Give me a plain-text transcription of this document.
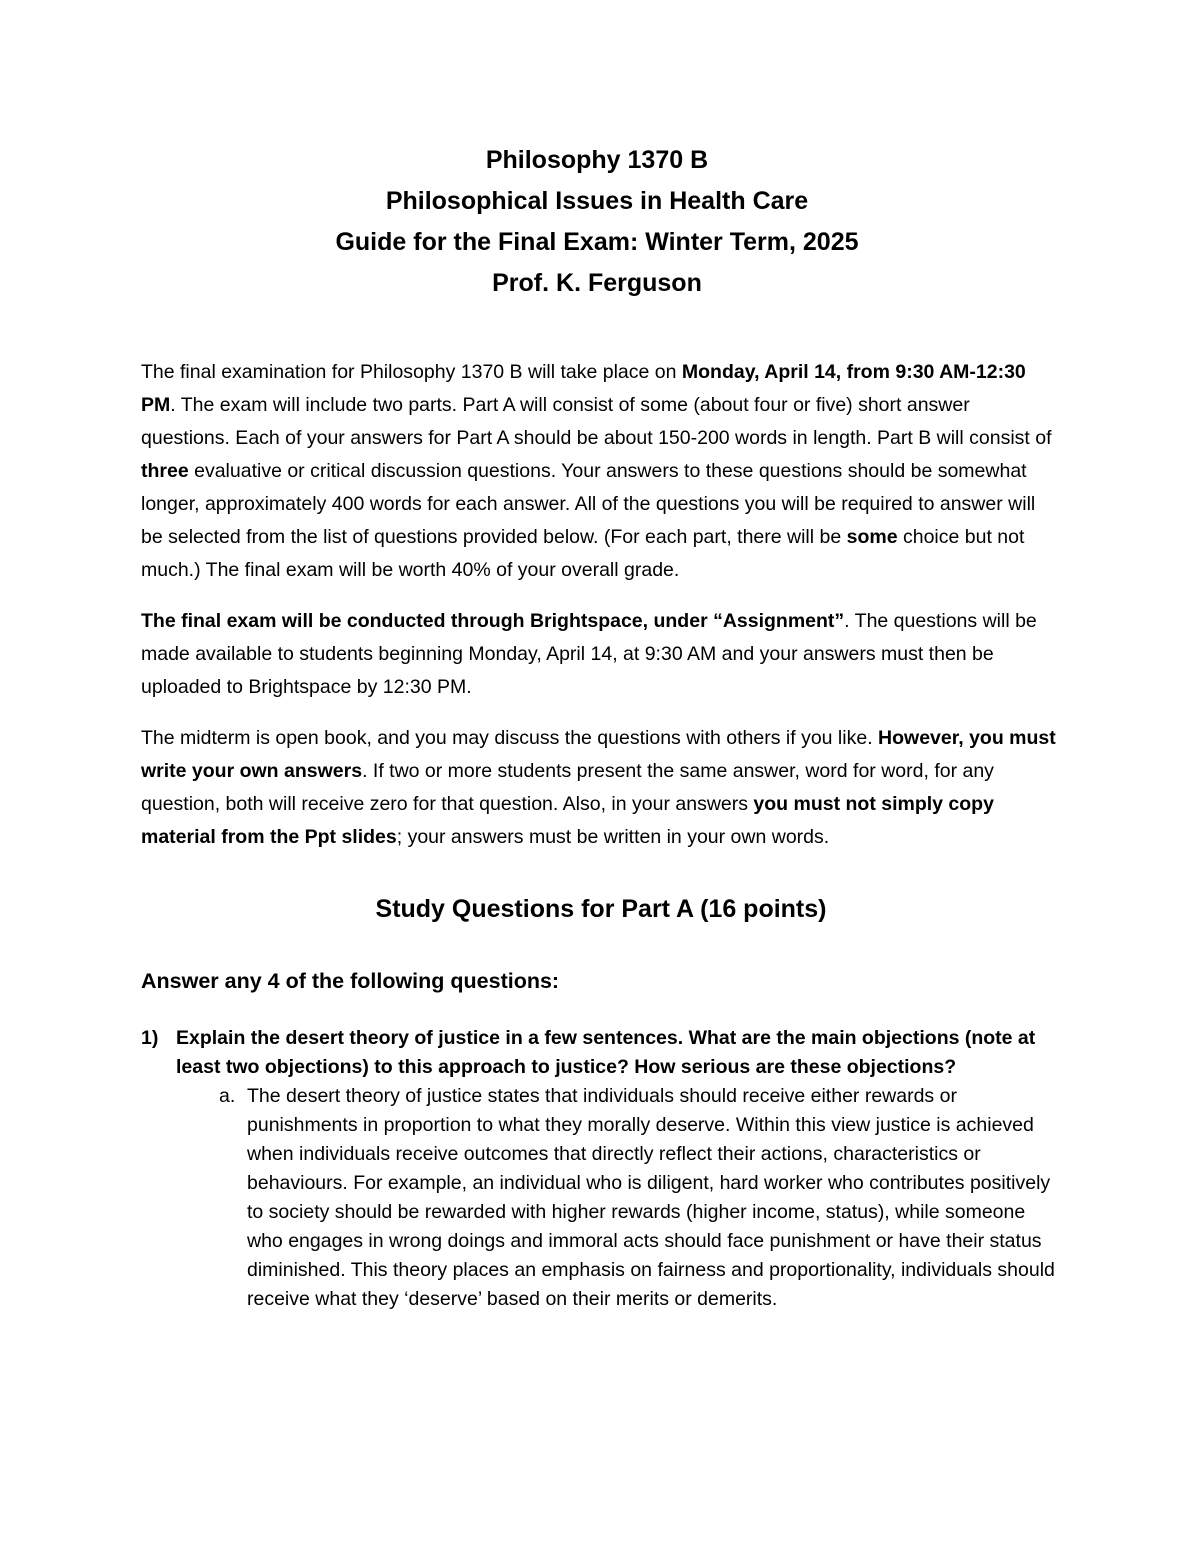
Philosophy 1370 B
Philosophical Issues in Health Care
Guide for the Final Exam: Winter Term, 2025
Prof. K. Ferguson

The final examination for Philosophy 1370 B will take place on Monday, April 14, from 9:30 AM-12:30 PM. The exam will include two parts. Part A will consist of some (about four or five) short answer questions. Each of your answers for Part A should be about 150-200 words in length. Part B will consist of three evaluative or critical discussion questions. Your answers to these questions should be somewhat longer, approximately 400 words for each answer. All of the questions you will be required to answer will be selected from the list of questions provided below. (For each part, there will be some choice but not much.) The final exam will be worth 40% of your overall grade.

The final exam will be conducted through Brightspace, under “Assignment”. The questions will be made available to students beginning Monday, April 14, at 9:30 AM and your answers must then be uploaded to Brightspace by 12:30 PM.

The midterm is open book, and you may discuss the questions with others if you like. However, you must write your own answers. If two or more students present the same answer, word for word, for any question, both will receive zero for that question. Also, in your answers you must not simply copy material from the Ppt slides; your answers must be written in your own words.

Study Questions for Part A (16 points)
Answer any 4 of the following questions:
1) Explain the desert theory of justice in a few sentences. What are the main objections (note at least two objections) to this approach to justice? How serious are these objections?
a. The desert theory of justice states that individuals should receive either rewards or punishments in proportion to what they morally deserve. Within this view justice is achieved when individuals receive outcomes that directly reflect their actions, characteristics or behaviours. For example, an individual who is diligent, hard worker who contributes positively to society should be rewarded with higher rewards (higher income, status), while someone who engages in wrong doings and immoral acts should face punishment or have their status diminished. This theory places an emphasis on fairness and proportionality, individuals should receive what they ‘deserve’ based on their merits or demerits.
